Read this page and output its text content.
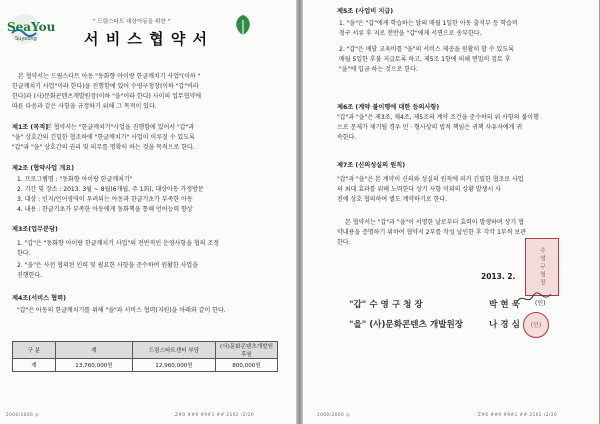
SeaYou
Suyeong
" 드림스타트 대상아동을 위한 "
서 비 스 협 약 서
본 협약서는 드림스타트 아동 "동화향 아이랑 한글깨치기 사업"(이하 "
한글깨치기 사업"이라 한다)을 진행함에 있어 수영구청장(이하 "갑"이라
한다)과 (사)문화콘텐츠개발원장(이하 "을"이라 한다) 사이의 업무협약에
따른 다음과 같은 사항을 규정하기 위해 그 목적이 있다.
제1조 (목적)
본 협약서는 "한글깨치기"사업을 진행함에 있어서 "갑"과
"을" 상호간의 긴밀한 협조하에 "한글깨치기" 사업이 이루질 수 있도록
"갑"과 "을" 상호간의 권리 및 의무를 명확히 하는 것을 목적으로 한다.
제2조 (협약사업 개요)
1. 프로그램명 : "동화향 아이랑 한글깨치기"
2. 기간 및 장소 : 2013. 3월 ~ 8월(6개월, 주 1회), 대상아동 가정방문
3. 대상 : 인지/언어영역이 우려되는 아동과 한글기초가 부족한 아동
4. 내용 : 한글기초가 부족한 아동에게 동화책을 통해 언어능력 향상
제3조(업무분담)
1. "갑"은 "동화향 아이랑 한글깨치기 사업"의 전반적인 운영사항을 협의 조정
한다.
2. "을"은 사전 협의된 인력 및 필요한 사항을 준수하여 원활한 사업을
진행한다.
제4조(서비스 협력)
"갑"은 아동의 한글깨치기를 위해 "을"과 서비스 협력(지원)을 아래와 같이 한다.
구 분	계	드림스타트센터 부담	(사)문화콘텐츠개발원 후원
계	13,760,000원	12,960,000원	800,000원
2000/1000 ◎	Z#0 ##9 #9#1 ## 2102 /2/20
제5조 (사업비 지급)
1. "을"은 "갑"에게 학습하는 달의 매월 1일한 아동 출석부 등 학습비
청구 서류 후 지로 전반을 "갑"에게 서면으로 송부한다.
2. "갑"은 매달 교육비를 "을"의 서비스 제공을 원활히 할 수 있도록
매월 5일한 후불 지급토록 하고, 제5조 1항에 의해 면밀히 검토 후
"을"에 입금 하는 것으로 한다.
제6조 (계약 불이행에 대한 등의사항)
"갑"과 "을"은 제3조, 제4조, 제5조의 계약 조건을 준수하되 위 사항의 불이행
으로 문제가 제기될 경우 민 · 형사상의 법적 책임은 귀책 사유자에게 귀
속한다.
제7조 (신의성실의 원칙)
"갑"과 "을"은 본 계약이 신의와 성실의 원칙에 의거 긴밀한 협조로 사업
의 최대 효과를 위해 노력한다 상기 사항 이외의 상황 발생시 사
전에 상호 협의하여 별도 계약하기로 한다.
본 협약서는 "갑"과 "을"이 서명한 날로부터 효력이 발생하며 상기 협
약내용을 증명하기 위하여 협약서 2부를 작성 날인한 후 각각 1부씩 보관
한다.
2013. 2.	수영구청장
"갑" 수 영 구 청 장	박 현 욱	(인)
"을" (사)문화콘텐츠 개발원장	나 경 심 (인)
2000/2000 ◎	Z#0 ##9 #9#1 ## 2102 /2/20
